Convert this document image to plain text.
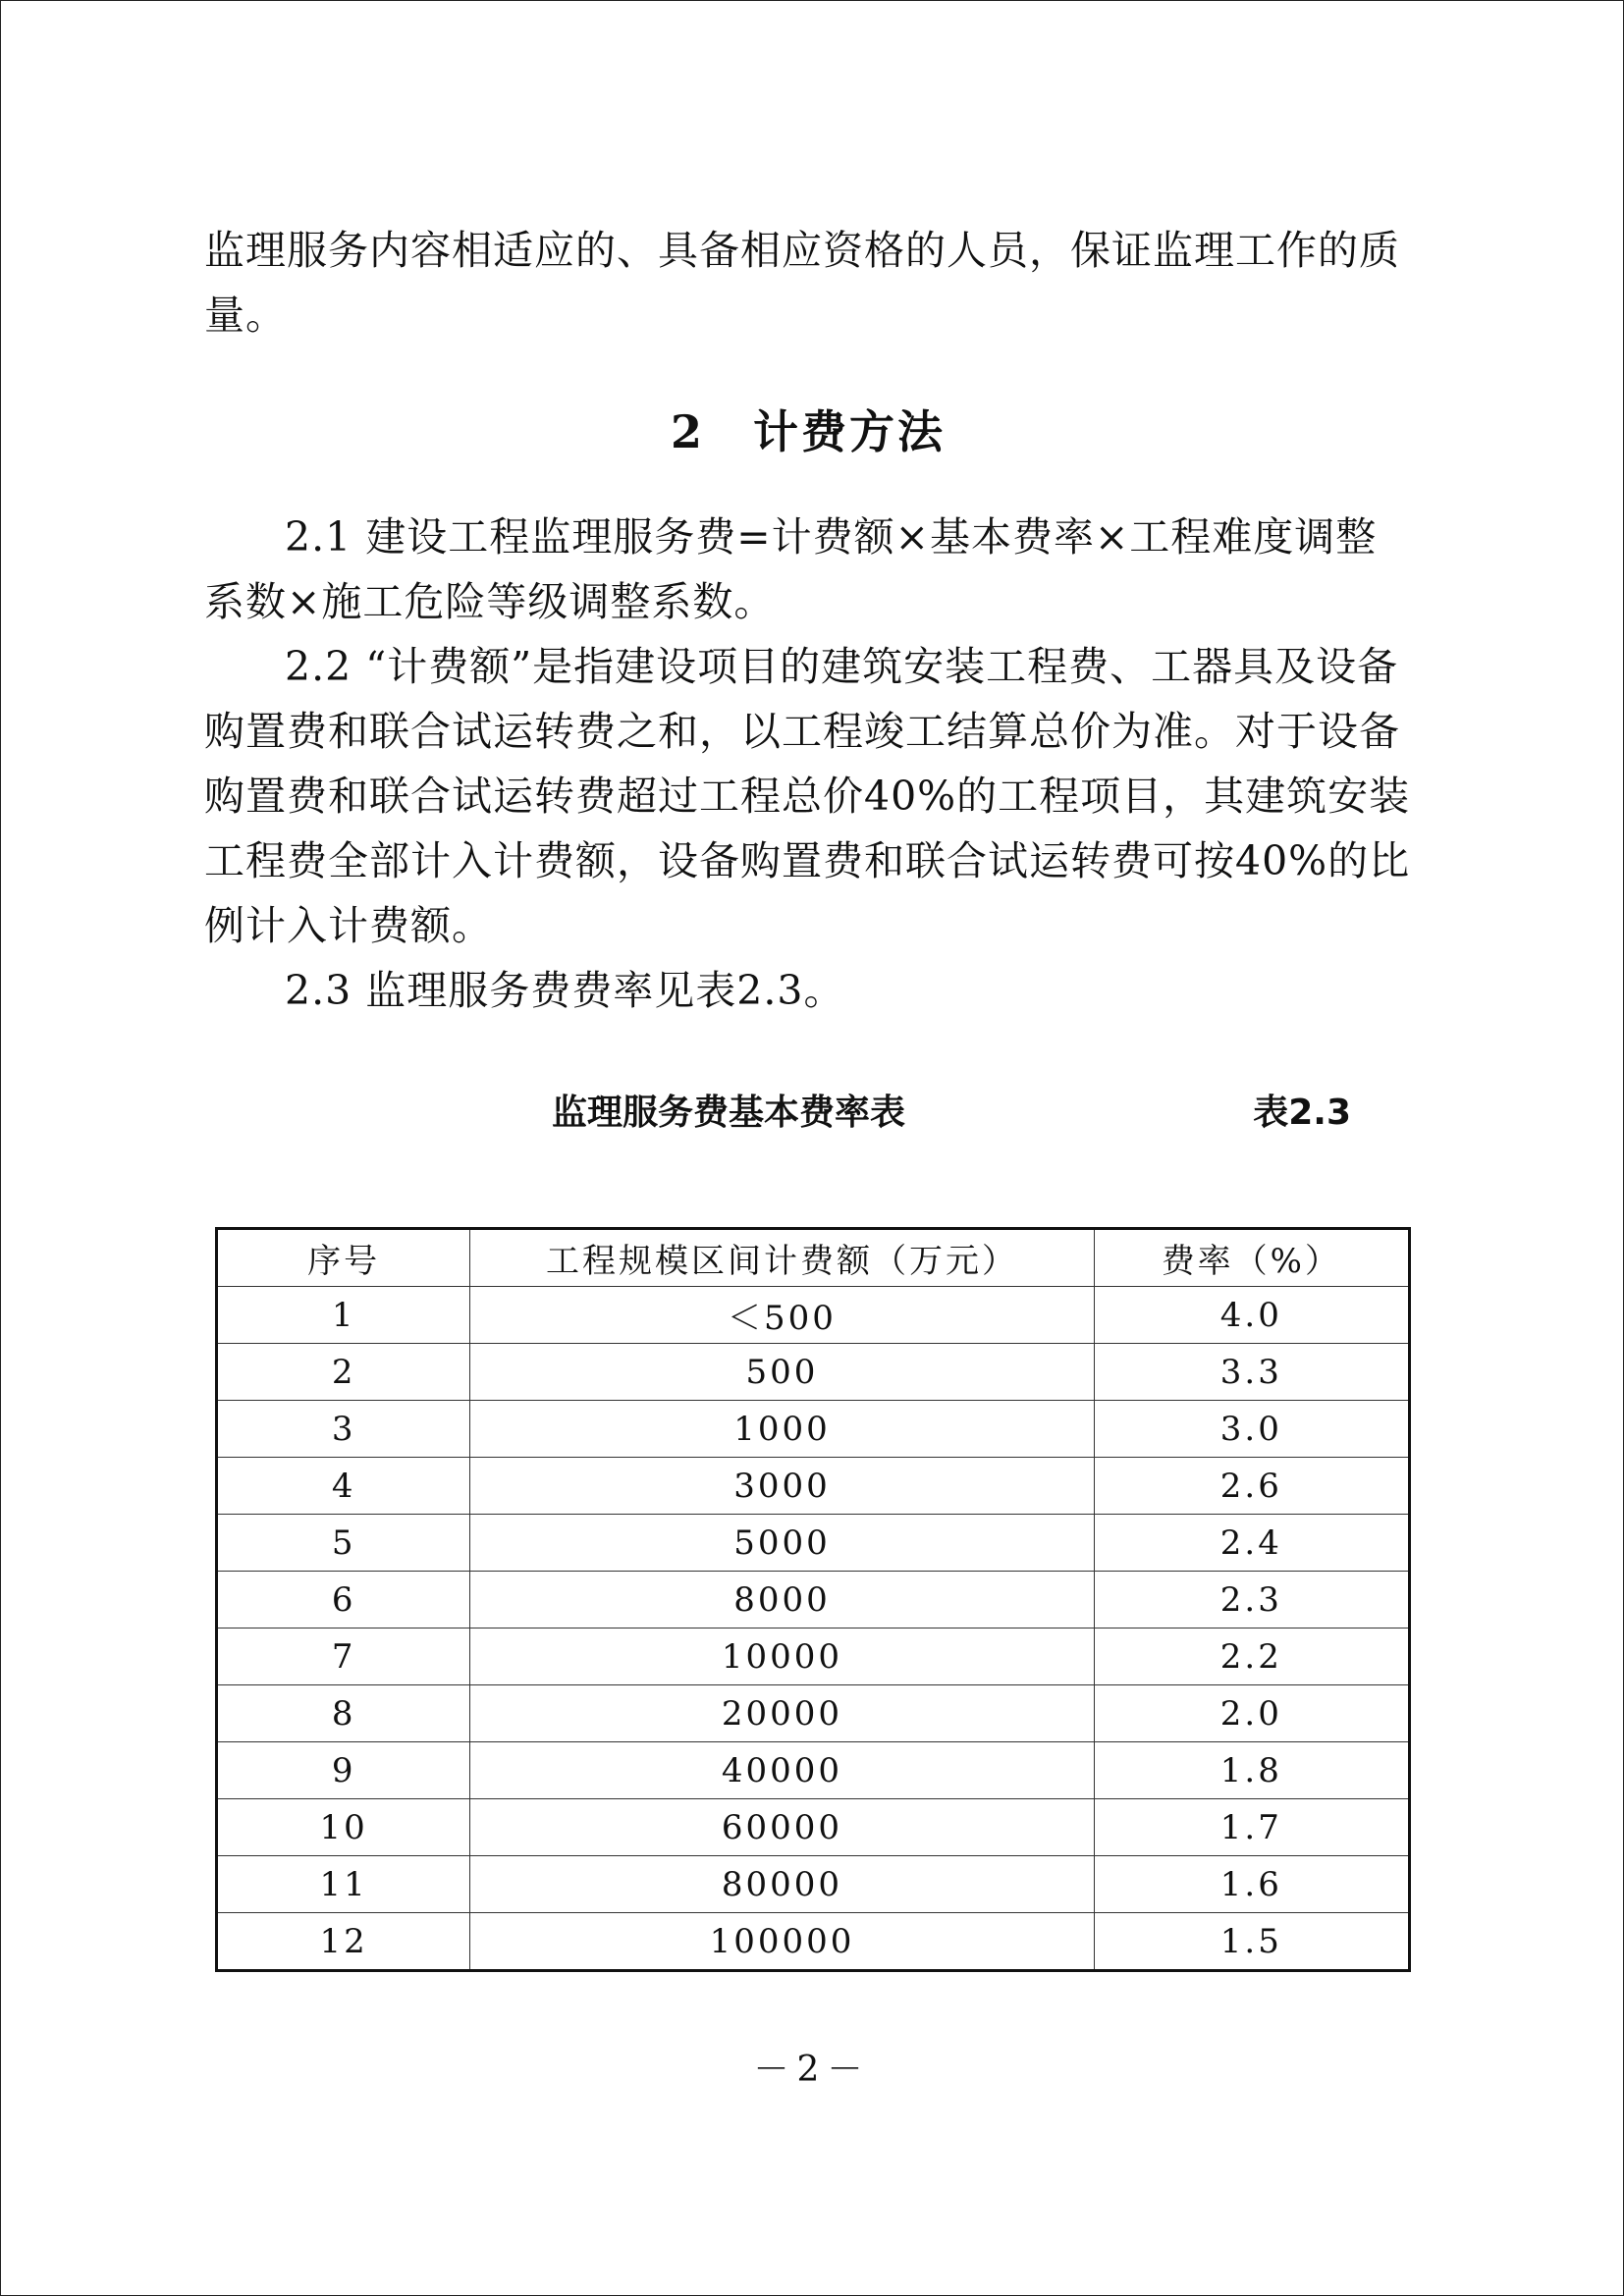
监理服务内容相适应的、具备相应资格的人员，保证监理工作的质量。

2　计费方法

2.1 建设工程监理服务费=计费额×基本费率×工程难度调整系数×施工危险等级调整系数。

2.2 “计费额”是指建设项目的建筑安装工程费、工器具及设备购置费和联合试运转费之和，以工程竣工结算总价为准。对于设备购置费和联合试运转费超过工程总价40%的工程项目，其建筑安装工程费全部计入计费额，设备购置费和联合试运转费可按40%的比例计入计费额。

2.3 监理服务费费率见表2.3。

监理服务费基本费率表	表2.3
序号	工程规模区间计费额（万元）	费率（%）
1	＜500	4.0
2	500	3.3
3	1000	3.0
4	3000	2.6
5	5000	2.4
6	8000	2.3
7	10000	2.2
8	20000	2.0
9	40000	1.8
10	60000	1.7
11	80000	1.6
12	100000	1.5
－2－
